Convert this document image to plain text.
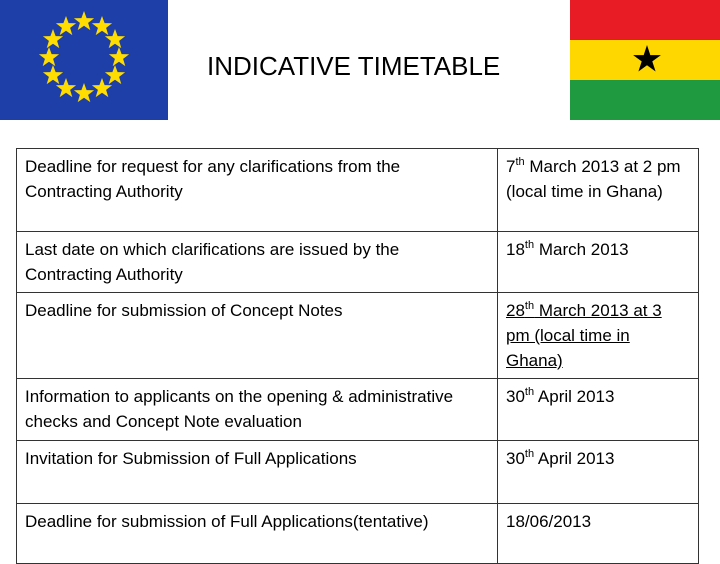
INDICATIVE TIMETABLE
Deadline for request for any clarifications from the Contracting Authority	7th March 2013 at 2 pm (local time in Ghana)
Last date on which clarifications are issued by the Contracting Authority	18th March 2013
Deadline for submission of Concept Notes	28th March 2013 at 3 pm (local time in Ghana)
Information to applicants on the opening & administrative checks and Concept Note evaluation	30th April 2013
Invitation for Submission of Full Applications	30th April 2013
Deadline for submission of Full Applications(tentative)	18/06/2013
